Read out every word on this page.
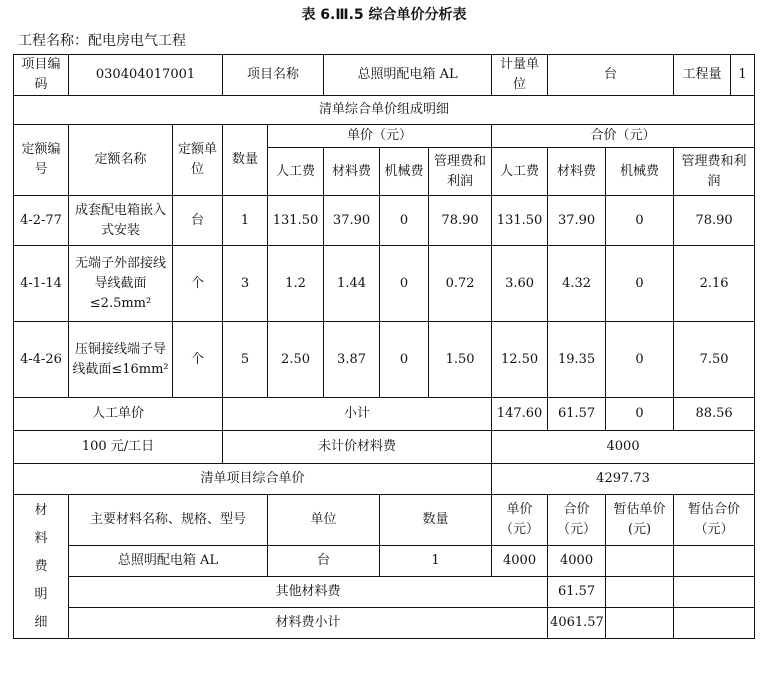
表 6.Ⅲ.5 综合单价分析表
工程名称：配电房电气工程
项目编码	030404017001		项目名称		总照明配电箱 AL			计量单位	台		工程量	1
清单综合单价组成明细												
定额编号	定额名称	定额单位	数量	单价（元）				合价（元）				
				人工费	材料费	机械费	管理费和利润	人工费	材料费	机械费	管理费和利润	
4-2-77	成套配电箱嵌入式安装	台	1	131.50	37.90	0	78.90	131.50	37.90	0	78.90	
4-1-14	无端子外部接线导线截面≤2.5mm²	个	3	1.2	1.44	0	0.72	3.60	4.32	0	2.16	
4-4-26	压铜接线端子导线截面≤16mm²	个	5	2.50	3.87	0	1.50	12.50	19.35	0	7.50	
人工单价			小计					147.60	61.57	0	88.56	
100 元/工日			未计价材料费					4000				
清单项目综合单价								4297.73				
材料费明细	主要材料名称、规格、型号			单位		数量		单价（元）	合价（元）	暂估单价(元)	暂估合价（元）	
	总照明配电箱 AL			台		1		4000	4000			
	其他材料费								61.57			
	材料费小计								4061.57			
